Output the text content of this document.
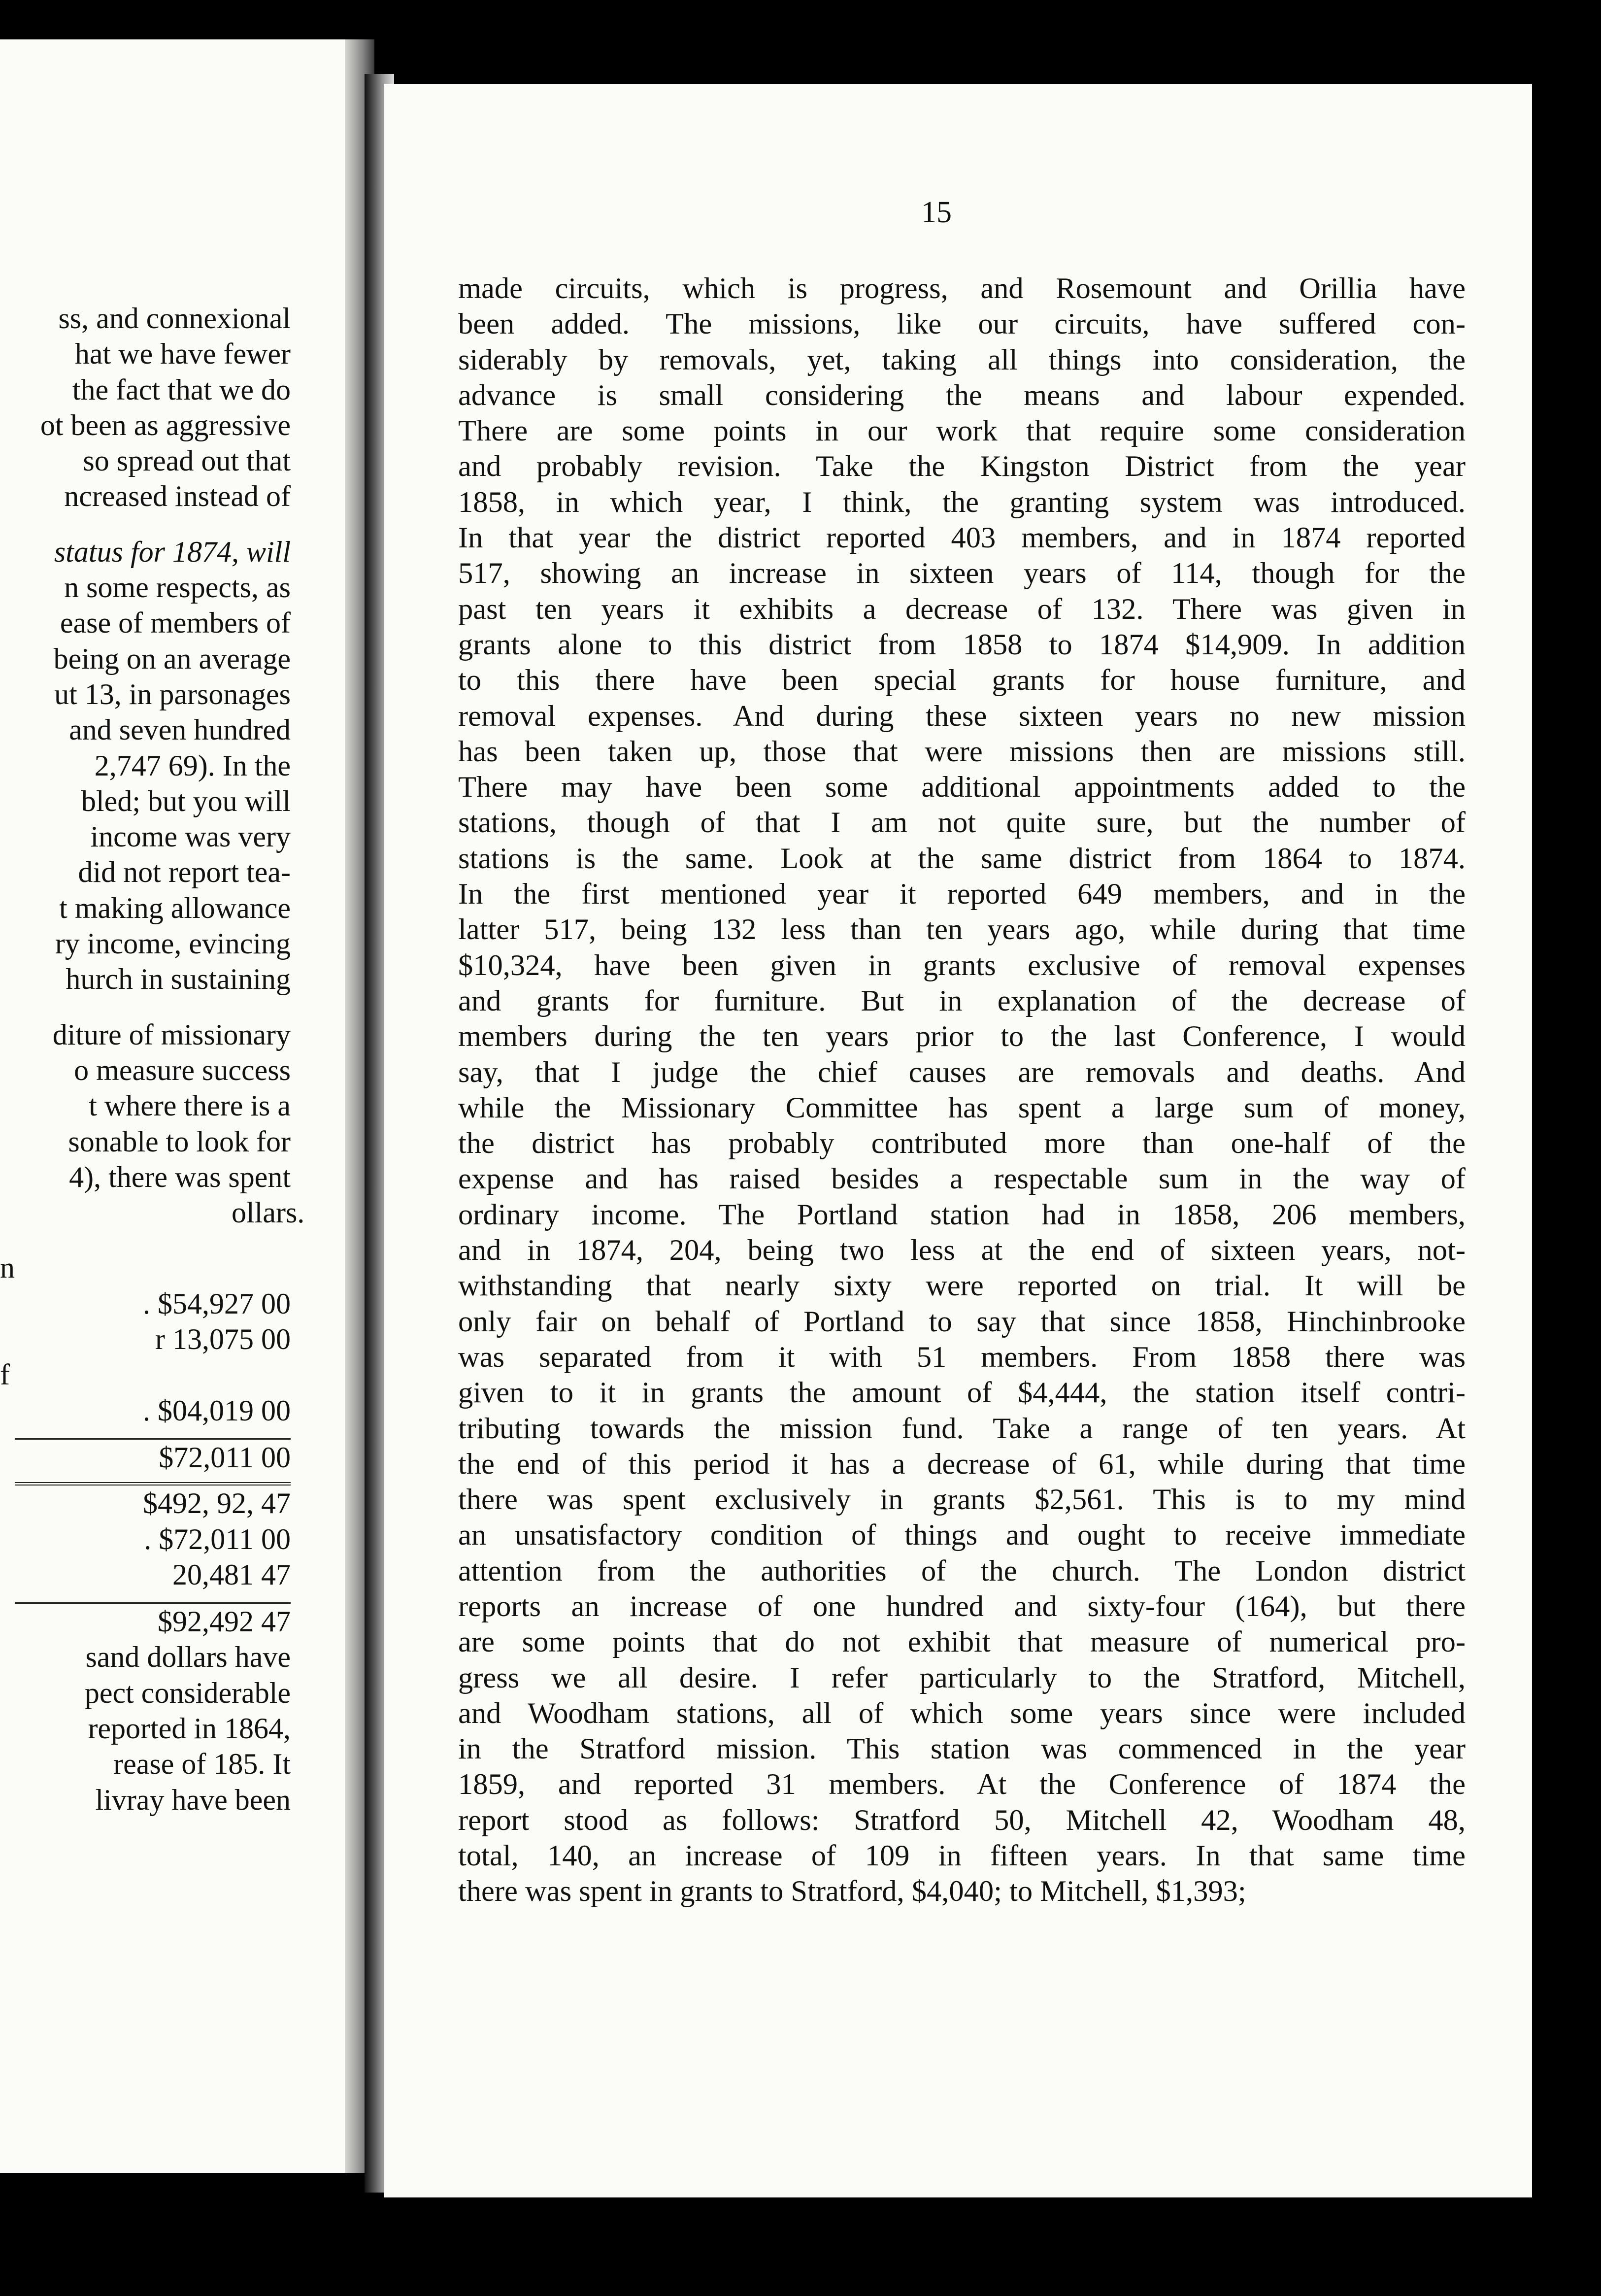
ss, and connexional
hat we have fewer
the fact that we do
ot been as aggressive
so spread out that
ncreased instead of
status for 1874, will
n some respects, as
ease of members of
being on an average
ut 13, in parsonages
and seven hundred
2,747 69). In the
bled; but you will
income was very
did not report tea-
t making allowance
ry income, evincing
hurch in sustaining
diture of missionary
o measure success
t where there is a
sonable to look for
4), there was spent
ollars.
n
. $54,927 00
r 13,075 00
f
. $04,019 00
$72,011 00
$492, 92, 47
. $72,011 00
20,481 47
$92,492 47
sand dollars have
pect considerable
reported in 1864,
rease of 185. It
livray have been
15
made circuits, which is progress, and Rosemount and Orillia have
been added. The missions, like our circuits, have suffered con-
siderably by removals, yet, taking all things into consideration, the
advance is small considering the means and labour expended.
There are some points in our work that require some consideration
and probably revision. Take the Kingston District from the year
1858, in which year, I think, the granting system was introduced.
In that year the district reported 403 members, and in 1874 reported
517, showing an increase in sixteen years of 114, though for the
past ten years it exhibits a decrease of 132. There was given in
grants alone to this district from 1858 to 1874 $14,909. In addition
to this there have been special grants for house furniture, and
removal expenses. And during these sixteen years no new mission
has been taken up, those that were missions then are missions still.
There may have been some additional appointments added to the
stations, though of that I am not quite sure, but the number of
stations is the same. Look at the same district from 1864 to 1874.
In the first mentioned year it reported 649 members, and in the
latter 517, being 132 less than ten years ago, while during that time
$10,324, have been given in grants exclusive of removal expenses
and grants for furniture. But in explanation of the decrease of
members during the ten years prior to the last Conference, I would
say, that I judge the chief causes are removals and deaths. And
while the Missionary Committee has spent a large sum of money,
the district has probably contributed more than one-half of the
expense and has raised besides a respectable sum in the way of
ordinary income. The Portland station had in 1858, 206 members,
and in 1874, 204, being two less at the end of sixteen years, not-
withstanding that nearly sixty were reported on trial. It will be
only fair on behalf of Portland to say that since 1858, Hinchinbrooke
was separated from it with 51 members. From 1858 there was
given to it in grants the amount of $4,444, the station itself contri-
tributing towards the mission fund. Take a range of ten years. At
the end of this period it has a decrease of 61, while during that time
there was spent exclusively in grants $2,561. This is to my mind
an unsatisfactory condition of things and ought to receive immediate
attention from the authorities of the church. The London district
reports an increase of one hundred and sixty-four (164), but there
are some points that do not exhibit that measure of numerical pro-
gress we all desire. I refer particularly to the Stratford, Mitchell,
and Woodham stations, all of which some years since were included
in the Stratford mission. This station was commenced in the year
1859, and reported 31 members. At the Conference of 1874 the
report stood as follows: Stratford 50, Mitchell 42, Woodham 48,
total, 140, an increase of 109 in fifteen years. In that same time
there was spent in grants to Stratford, $4,040; to Mitchell, $1,393;
